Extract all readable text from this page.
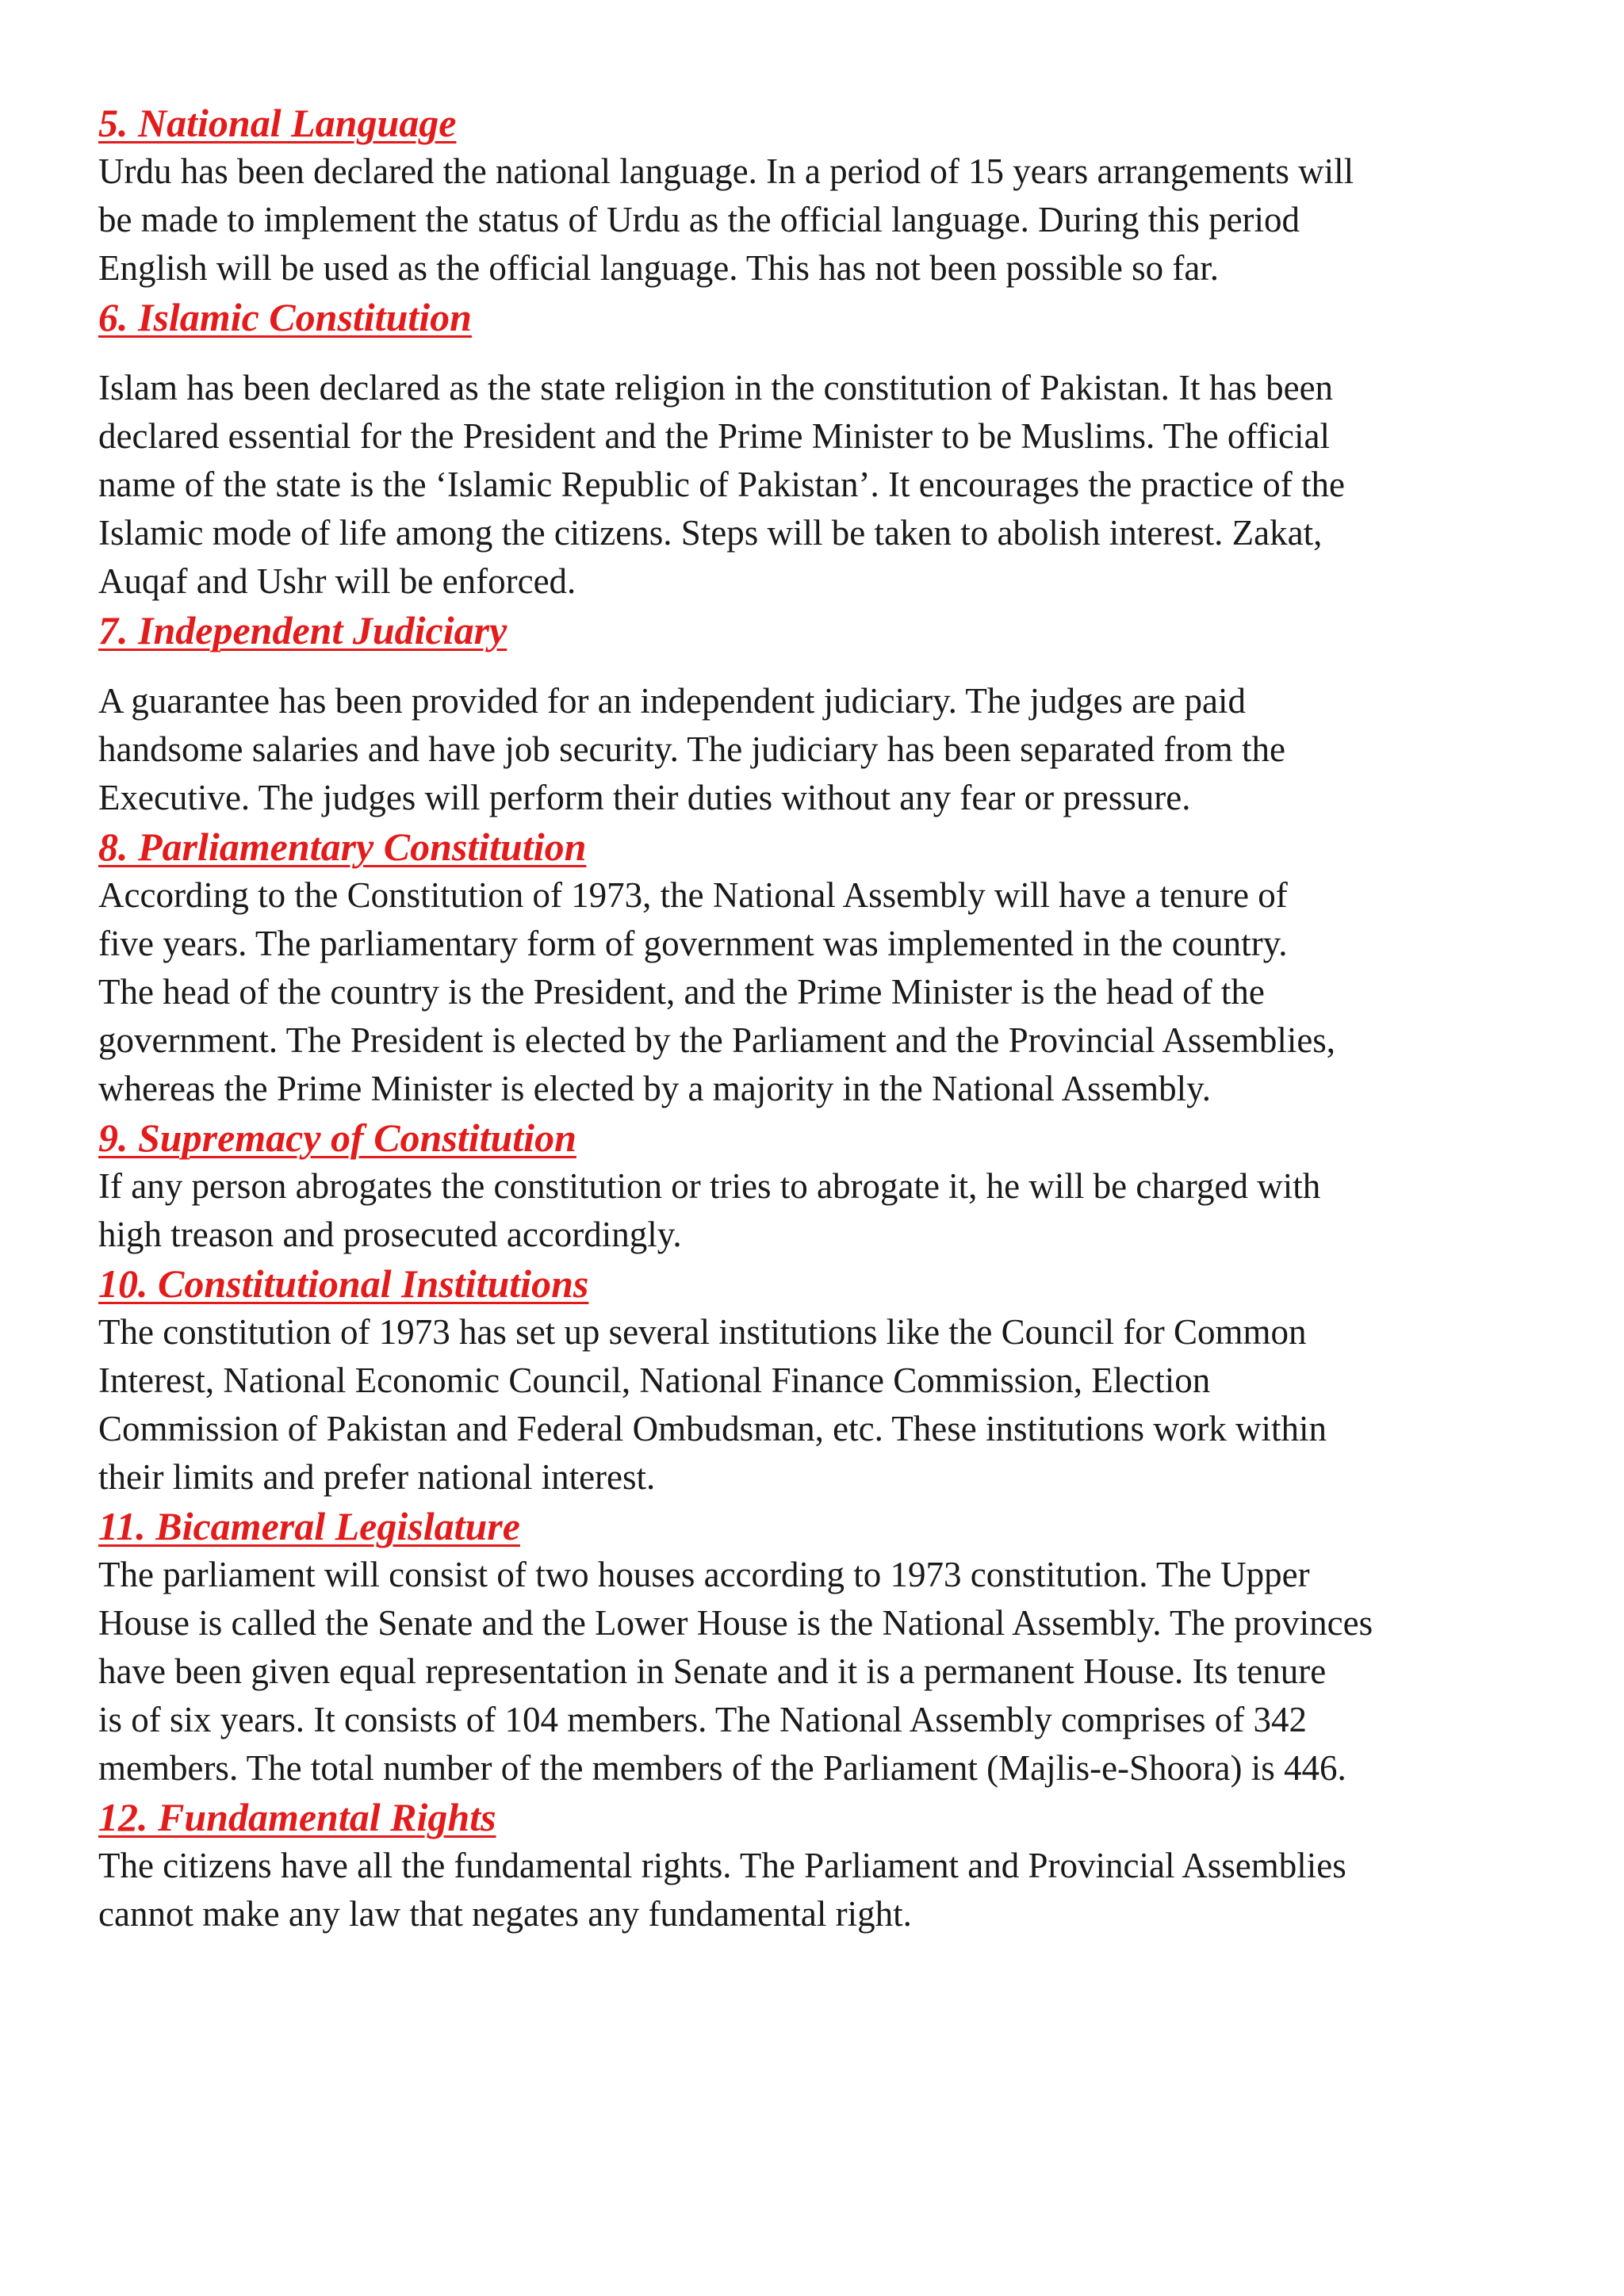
5. National Language

Urdu has been declared the national language. In a period of 15 years arrangements will
be made to implement the status of Urdu as the official language. During this period
English will be used as the official language. This has not been possible so far.

6. Islamic Constitution

Islam has been declared as the state religion in the constitution of Pakistan. It has been
declared essential for the President and the Prime Minister to be Muslims. The official
name of the state is the ‘Islamic Republic of Pakistan’. It encourages the practice of the
Islamic mode of life among the citizens. Steps will be taken to abolish interest. Zakat,
Auqaf and Ushr will be enforced.

7. Independent Judiciary

A guarantee has been provided for an independent judiciary. The judges are paid
handsome salaries and have job security. The judiciary has been separated from the
Executive. The judges will perform their duties without any fear or pressure.

8. Parliamentary Constitution

According to the Constitution of 1973, the National Assembly will have a tenure of
five years. The parliamentary form of government was implemented in the country.
The head of the country is the President, and the Prime Minister is the head of the
government. The President is elected by the Parliament and the Provincial Assemblies,
whereas the Prime Minister is elected by a majority in the National Assembly.

9. Supremacy of Constitution

If any person abrogates the constitution or tries to abrogate it, he will be charged with
high treason and prosecuted accordingly.

10. Constitutional Institutions

The constitution of 1973 has set up several institutions like the Council for Common
Interest, National Economic Council, National Finance Commission, Election
Commission of Pakistan and Federal Ombudsman, etc. These institutions work within
their limits and prefer national interest.

11. Bicameral Legislature

The parliament will consist of two houses according to 1973 constitution. The Upper
House is called the Senate and the Lower House is the National Assembly. The provinces
have been given equal representation in Senate and it is a permanent House. Its tenure
is of six years. It consists of 104 members. The National Assembly comprises of 342
members. The total number of the members of the Parliament (Majlis-e-Shoora) is 446.

12. Fundamental Rights

The citizens have all the fundamental rights. The Parliament and Provincial Assemblies
cannot make any law that negates any fundamental right.
